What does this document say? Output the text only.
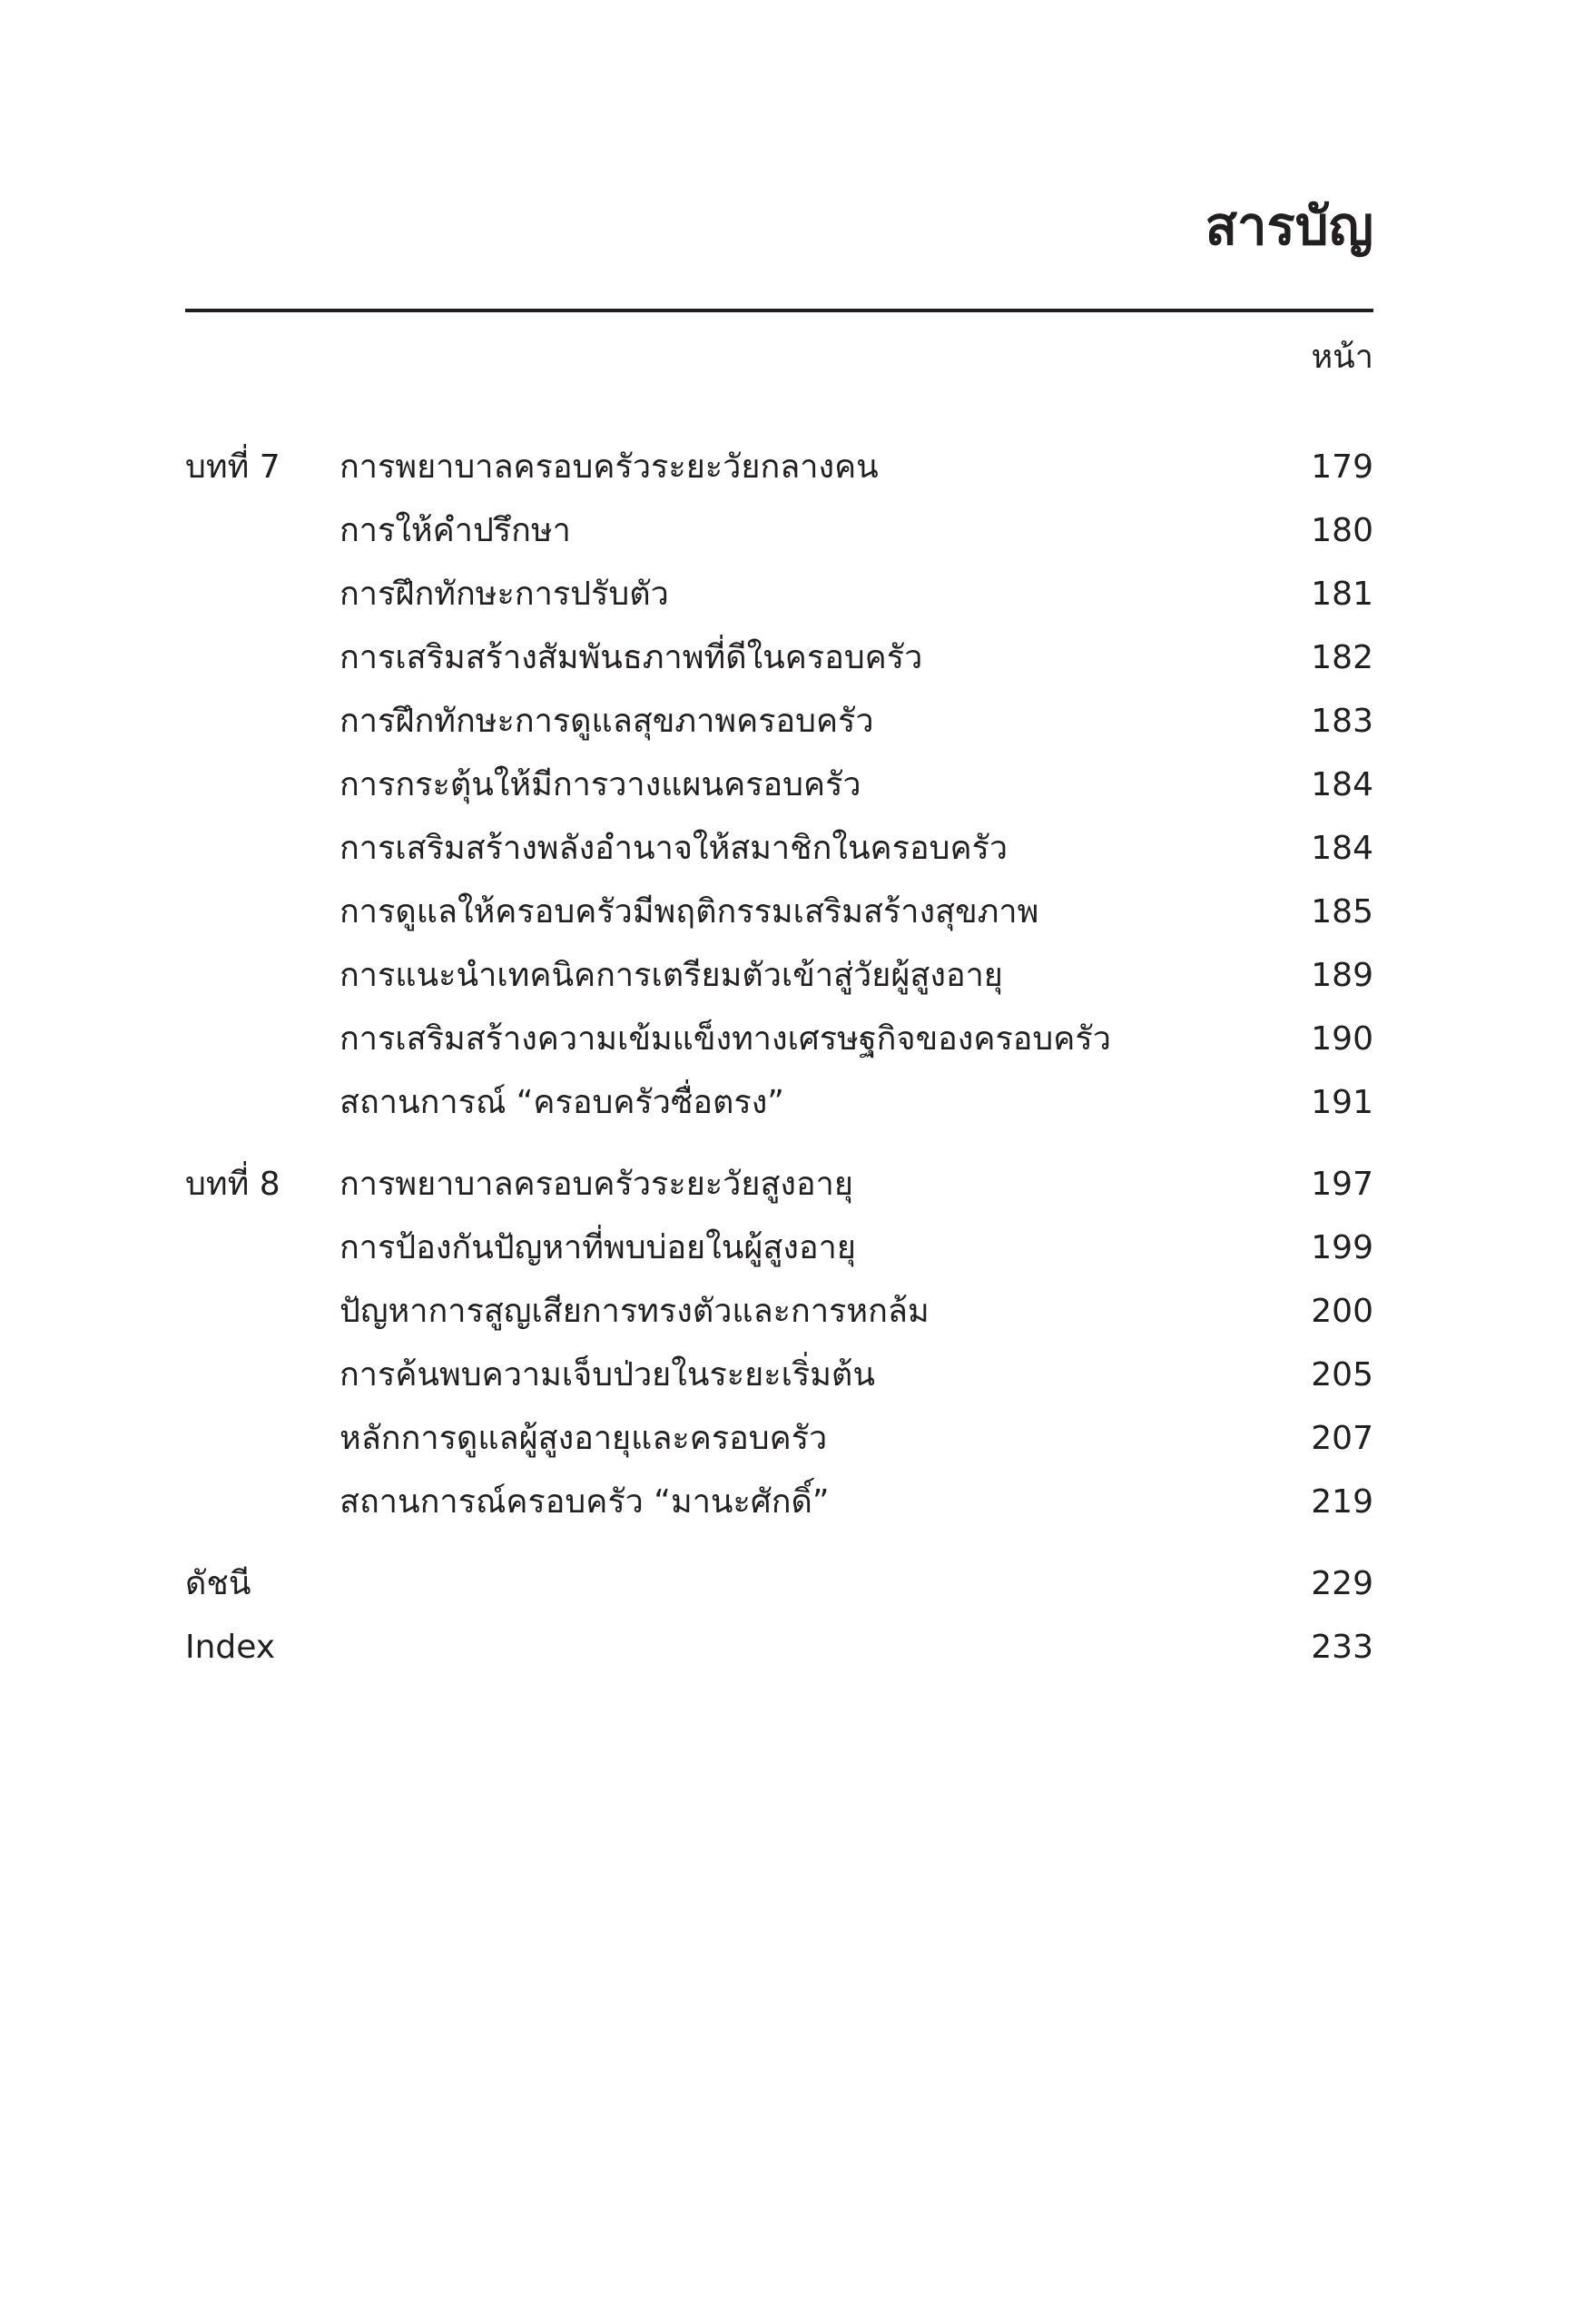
สารบัญ
หน้า
บทที่ 7 การพยาบาลครอบครัวระยะวัยกลางคน	179
การให้คำปรึกษา	180
การฝึกทักษะการปรับตัว	181
การเสริมสร้างสัมพันธภาพที่ดีในครอบครัว	182
การฝึกทักษะการดูแลสุขภาพครอบครัว	183
การกระตุ้นให้มีการวางแผนครอบครัว	184
การเสริมสร้างพลังอำนาจให้สมาชิกในครอบครัว	184
การดูแลให้ครอบครัวมีพฤติกรรมเสริมสร้างสุขภาพ	185
การแนะนำเทคนิคการเตรียมตัวเข้าสู่วัยผู้สูงอายุ	189
การเสริมสร้างความเข้มแข็งทางเศรษฐกิจของครอบครัว	190
สถานการณ์ “ครอบครัวซื่อตรง”	191
บทที่ 8 การพยาบาลครอบครัวระยะวัยสูงอายุ	197
การป้องกันปัญหาที่พบบ่อยในผู้สูงอายุ	199
ปัญหาการสูญเสียการทรงตัวและการหกล้ม	200
การค้นพบความเจ็บป่วยในระยะเริ่มต้น	205
หลักการดูแลผู้สูงอายุและครอบครัว	207
สถานการณ์ครอบครัว “มานะศักดิ์”	219
ดัชนี	229
Index	233
